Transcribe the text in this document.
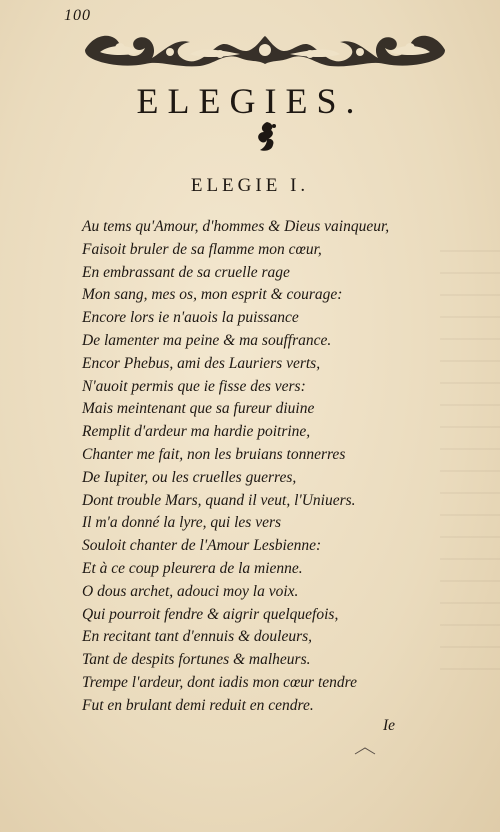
100
ELEGIES.
ELEGIE I.
Au tems qu'Amour, d'hommes & Dieus vainqueur,
Faisoit bruler de sa flamme mon cœur,
En embrassant de sa cruelle rage
Mon sang, mes os, mon esprit & courage:
Encore lors ie n'auois la puissance
De lamenter ma peine & ma souffrance.
Encor Phebus, ami des Lauriers verts,
N'auoit permis que ie fisse des vers:
Mais meintenant que sa fureur diuine
Remplit d'ardeur ma hardie poitrine,
Chanter me fait, non les bruians tonnerres
De Iupiter, ou les cruelles guerres,
Dont trouble Mars, quand il veut, l'Uniuers.
Il m'a donné la lyre, qui les vers
Souloit chanter de l'Amour Lesbienne:
Et à ce coup pleurera de la mienne.
O dous archet, adouci moy la voix.
Qui pourroit fendre & aigrir quelquefois,
En recitant tant d'ennuis & douleurs,
Tant de despits fortunes & malheurs.
Trempe l'ardeur, dont iadis mon cœur tendre
Fut en brulant demi reduit en cendre.
Ie
